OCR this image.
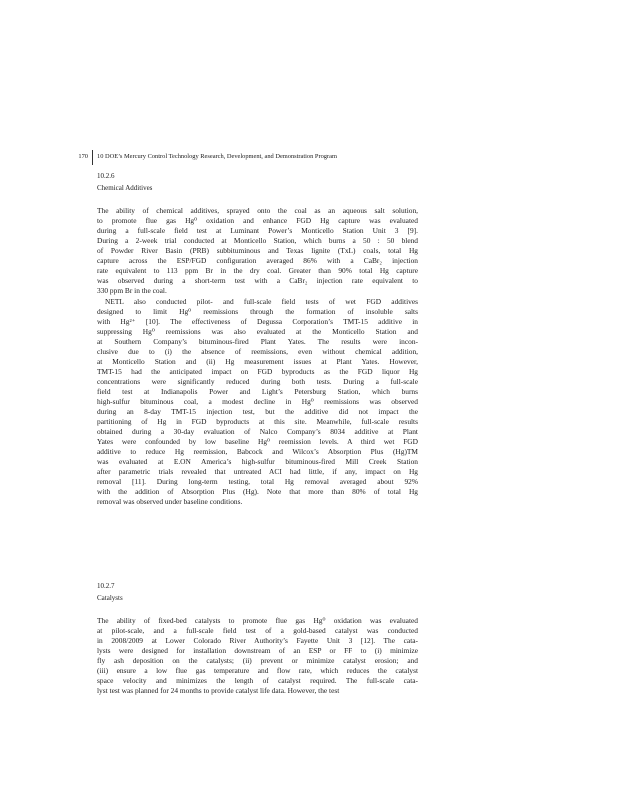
170 10 DOE’s Mercury Control Technology Research, Development, and Demonstration Program
10.2.6
Chemical Additives
The ability of chemical additives, sprayed onto the coal as an aqueous salt solution,
to promote flue gas Hg⁰ oxidation and enhance FGD Hg capture was evaluated
during a full-scale field test at Luminant Power’s Monticello Station Unit 3 [9].
During a 2-week trial conducted at Monticello Station, which burns a 50 : 50 blend
of Powder River Basin (PRB) subbituminous and Texas lignite (TxL) coals, total Hg
capture across the ESP/FGD configuration averaged 86% with a CaBr₂ injection
rate equivalent to 113 ppm Br in the dry coal. Greater than 90% total Hg capture
was observed during a short-term test with a CaBr₂ injection rate equivalent to
330 ppm Br in the coal.
NETL also conducted pilot- and full-scale field tests of wet FGD additives
designed to limit Hg⁰ reemissions through the formation of insoluble salts
with Hg²⁺ [10]. The effectiveness of Degussa Corporation’s TMT-15 additive in
suppressing Hg⁰ reemissions was also evaluated at the Monticello Station and
at Southern Company’s bituminous-fired Plant Yates. The results were incon-
clusive due to (i) the absence of reemissions, even without chemical addition,
at Monticello Station and (ii) Hg measurement issues at Plant Yates. However,
TMT-15 had the anticipated impact on FGD byproducts as the FGD liquor Hg
concentrations were significantly reduced during both tests. During a full-scale
field test at Indianapolis Power and Light’s Petersburg Station, which burns
high-sulfur bituminous coal, a modest decline in Hg⁰ reemissions was observed
during an 8-day TMT-15 injection test, but the additive did not impact the
partitioning of Hg in FGD byproducts at this site. Meanwhile, full-scale results
obtained during a 30-day evaluation of Nalco Company’s 8034 additive at Plant
Yates were confounded by low baseline Hg⁰ reemission levels. A third wet FGD
additive to reduce Hg reemission, Babcock and Wilcox’s Absorption Plus (Hg)TM
was evaluated at E.ON America’s high-sulfur bituminous-fired Mill Creek Station
after parametric trials revealed that untreated ACI had little, if any, impact on Hg
removal [11]. During long-term testing, total Hg removal averaged about 92%
with the addition of Absorption Plus (Hg). Note that more than 80% of total Hg
removal was observed under baseline conditions.
10.2.7
Catalysts
The ability of fixed-bed catalysts to promote flue gas Hg⁰ oxidation was evaluated
at pilot-scale, and a full-scale field test of a gold-based catalyst was conducted
in 2008/2009 at Lower Colorado River Authority’s Fayette Unit 3 [12]. The cata-
lysts were designed for installation downstream of an ESP or FF to (i) minimize
fly ash deposition on the catalysts; (ii) prevent or minimize catalyst erosion; and
(iii) ensure a low flue gas temperature and flow rate, which reduces the catalyst
space velocity and minimizes the length of catalyst required. The full-scale cata-
lyst test was planned for 24 months to provide catalyst life data. However, the test
